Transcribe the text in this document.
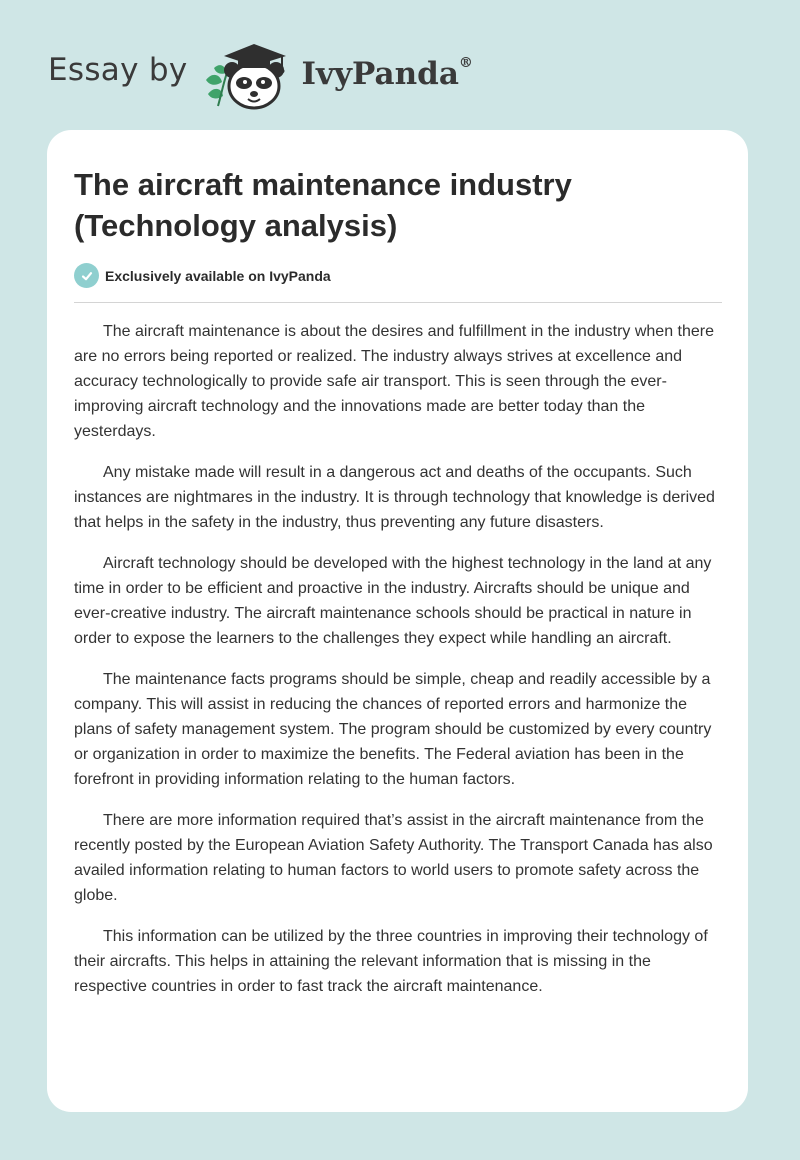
Essay by	IvyPanda®
The aircraft maintenance industry (Technology analysis)
Exclusively available on IvyPanda

The aircraft maintenance is about the desires and fulfillment in the industry when there are no errors being reported or realized. The industry always strives at excellence and accuracy technologically to provide safe air transport. This is seen through the ever-improving aircraft technology and the innovations made are better today than the yesterdays.

Any mistake made will result in a dangerous act and deaths of the occupants. Such instances are nightmares in the industry. It is through technology that knowledge is derived that helps in the safety in the industry, thus preventing any future disasters.

Aircraft technology should be developed with the highest technology in the land at any time in order to be efficient and proactive in the industry. Aircrafts should be unique and ever-creative industry. The aircraft maintenance schools should be practical in nature in order to expose the learners to the challenges they expect while handling an aircraft.

The maintenance facts programs should be simple, cheap and readily accessible by a company. This will assist in reducing the chances of reported errors and harmonize the plans of safety management system. The program should be customized by every country or organization in order to maximize the benefits. The Federal aviation has been in the forefront in providing information relating to the human factors.

There are more information required that’s assist in the aircraft maintenance from the recently posted by the European Aviation Safety Authority. The Transport Canada has also availed information relating to human factors to world users to promote safety across the globe.

This information can be utilized by the three countries in improving their technology of their aircrafts. This helps in attaining the relevant information that is missing in the respective countries in order to fast track the aircraft maintenance.
